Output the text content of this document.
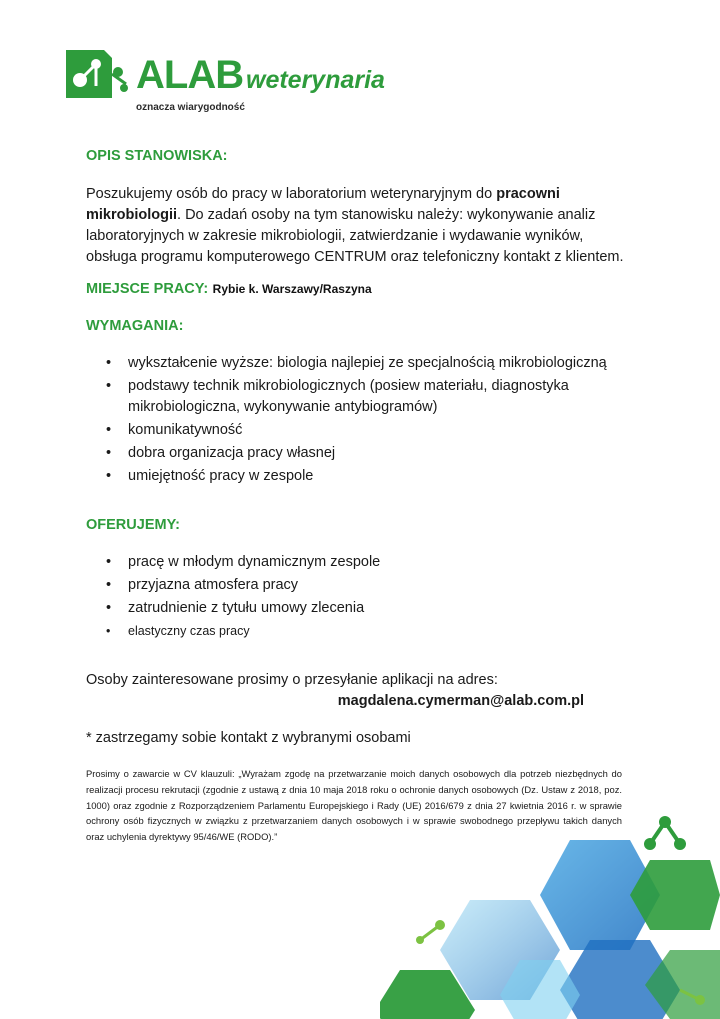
ALAB weterynaria
oznacza wiarygodność
OPIS STANOWISKA:

Poszukujemy osób do pracy w laboratorium weterynaryjnym do pracowni mikrobiologii. Do zadań osoby na tym stanowisku należy: wykonywanie analiz laboratoryjnych w zakresie mikrobiologii, zatwierdzanie i wydawanie wyników, obsługa programu komputerowego CENTRUM oraz telefoniczny kontakt z klientem.

MIEJSCE PRACY: Rybie k. Warszawy/Raszyna

WYMAGANIA:
• wykształcenie wyższe: biologia najlepiej ze specjalnością mikrobiologiczną
• podstawy technik mikrobiologicznych (posiew materiału, diagnostyka mikrobiologiczna, wykonywanie antybiogramów)
• komunikatywność
• dobra organizacja pracy własnej
• umiejętność pracy w zespole
OFERUJEMY:
• pracę w młodym dynamicznym zespole
• przyjazna atmosfera pracy
• zatrudnienie z tytułu umowy zlecenia
• elastyczny czas pracy

Osoby zainteresowane prosimy o przesyłanie aplikacji na adres:

magdalena.cymerman@alab.com.pl

* zastrzegamy sobie kontakt z wybranymi osobami

Prosimy o zawarcie w CV klauzuli: „Wyrażam zgodę na przetwarzanie moich danych osobowych dla potrzeb niezbędnych do realizacji procesu rekrutacji (zgodnie z ustawą z dnia 10 maja 2018 roku o ochronie danych osobowych (Dz. Ustaw z 2018, poz. 1000) oraz zgodnie z Rozporządzeniem Parlamentu Europejskiego i Rady (UE) 2016/679 z dnia 27 kwietnia 2016 r. w sprawie ochrony osób fizycznych w związku z przetwarzaniem danych osobowych i w sprawie swobodnego przepływu takich danych oraz uchylenia dyrektywy 95/46/WE (RODO).”
